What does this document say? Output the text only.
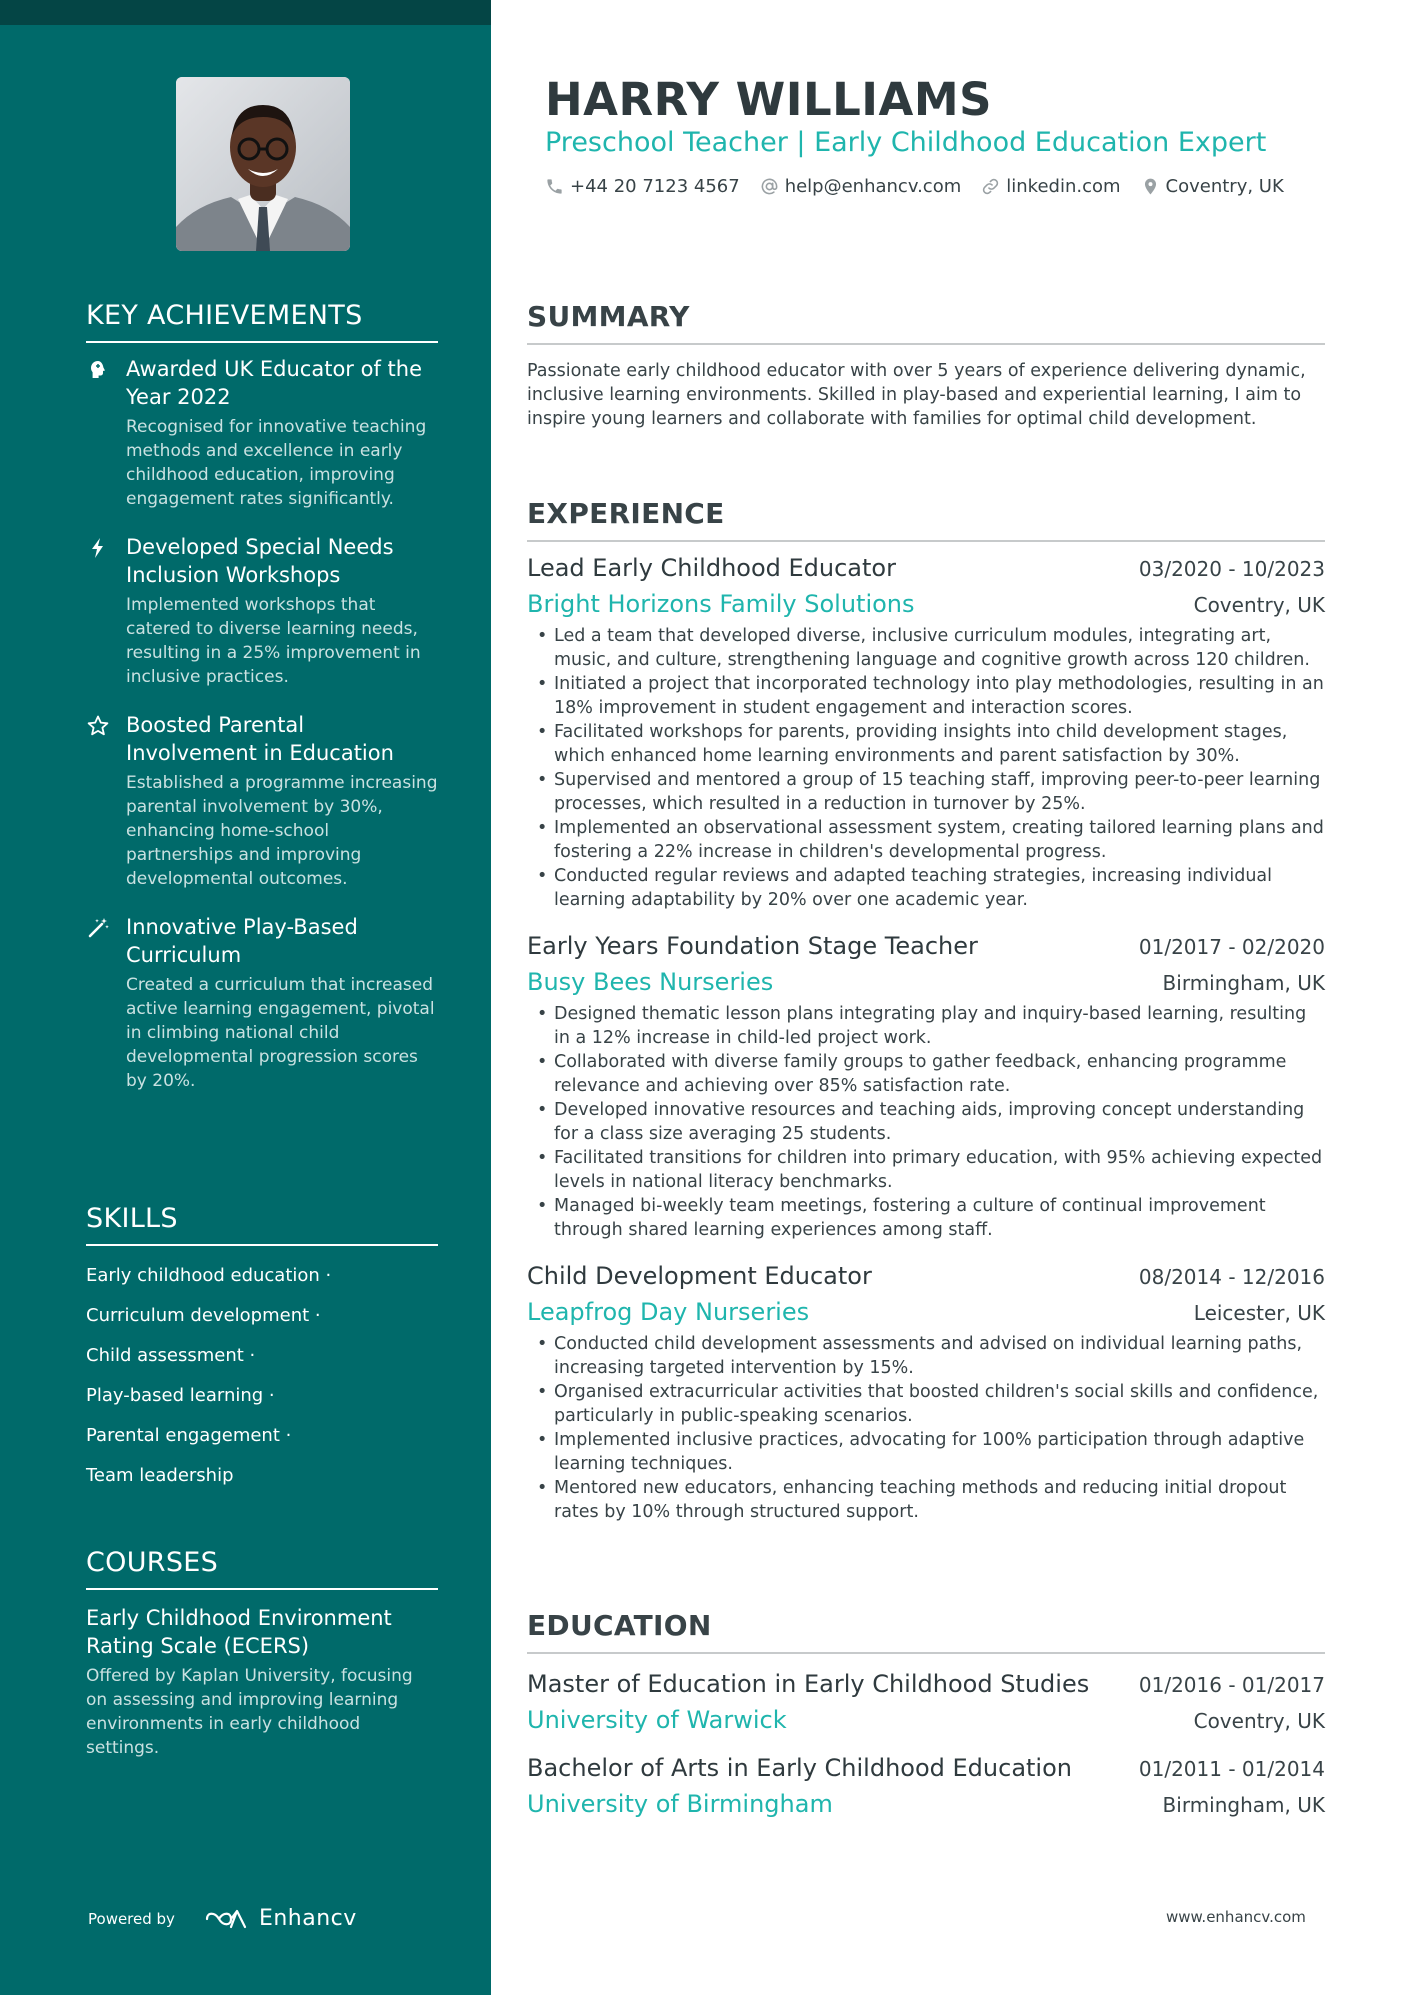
KEY ACHIEVEMENTS
Awarded UK Educator of the Year 2022
Recognised for innovative teaching methods and excellence in early childhood education, improving engagement rates significantly.
Developed Special Needs Inclusion Workshops
Implemented workshops that catered to diverse learning needs, resulting in a 25% improvement in inclusive practices.
Boosted Parental Involvement in Education
Established a programme increasing parental involvement by 30%, enhancing home-school partnerships and improving developmental outcomes.
Innovative Play-Based Curriculum
Created a curriculum that increased active learning engagement, pivotal in climbing national child developmental progression scores by 20%.
SKILLS
Early childhood education ·
Curriculum development ·
Child assessment ·
Play-based learning ·
Parental engagement ·
Team leadership
COURSES
Early Childhood Environment Rating Scale (ECERS)
Offered by Kaplan University, focusing on assessing and improving learning environments in early childhood settings.
Powered by	Enhancv
HARRY WILLIAMS
Preschool Teacher | Early Childhood Education Expert
+44 20 7123 4567	help@enhancv.com	linkedin.com	Coventry, UK
SUMMARY

Passionate early childhood educator with over 5 years of experience delivering dynamic, inclusive learning environments. Skilled in play-based and experiential learning, I aim to inspire young learners and collaborate with families for optimal child development.

EXPERIENCE
Lead Early Childhood Educator	03/2020 - 10/2023
Bright Horizons Family Solutions	Coventry, UK
• Led a team that developed diverse, inclusive curriculum modules, integrating art, music, and culture, strengthening language and cognitive growth across 120 children.
• Initiated a project that incorporated technology into play methodologies, resulting in an 18% improvement in student engagement and interaction scores.
• Facilitated workshops for parents, providing insights into child development stages, which enhanced home learning environments and parent satisfaction by 30%.
• Supervised and mentored a group of 15 teaching staff, improving peer-to-peer learning processes, which resulted in a reduction in turnover by 25%.
• Implemented an observational assessment system, creating tailored learning plans and fostering a 22% increase in children's developmental progress.
• Conducted regular reviews and adapted teaching strategies, increasing individual learning adaptability by 20% over one academic year.
Early Years Foundation Stage Teacher	01/2017 - 02/2020
Busy Bees Nurseries	Birmingham, UK
• Designed thematic lesson plans integrating play and inquiry-based learning, resulting in a 12% increase in child-led project work.
• Collaborated with diverse family groups to gather feedback, enhancing programme relevance and achieving over 85% satisfaction rate.
• Developed innovative resources and teaching aids, improving concept understanding for a class size averaging 25 students.
• Facilitated transitions for children into primary education, with 95% achieving expected levels in national literacy benchmarks.
• Managed bi-weekly team meetings, fostering a culture of continual improvement through shared learning experiences among staff.
Child Development Educator	08/2014 - 12/2016
Leapfrog Day Nurseries	Leicester, UK
• Conducted child development assessments and advised on individual learning paths, increasing targeted intervention by 15%.
• Organised extracurricular activities that boosted children's social skills and confidence, particularly in public-speaking scenarios.
• Implemented inclusive practices, advocating for 100% participation through adaptive learning techniques.
• Mentored new educators, enhancing teaching methods and reducing initial dropout rates by 10% through structured support.
EDUCATION
Master of Education in Early Childhood Studies 01/2016 - 01/2017
University of Warwick	Coventry, UK
Bachelor of Arts in Early Childhood Education	01/2011 - 01/2014
University of Birmingham	Birmingham, UK
www.enhancv.com
